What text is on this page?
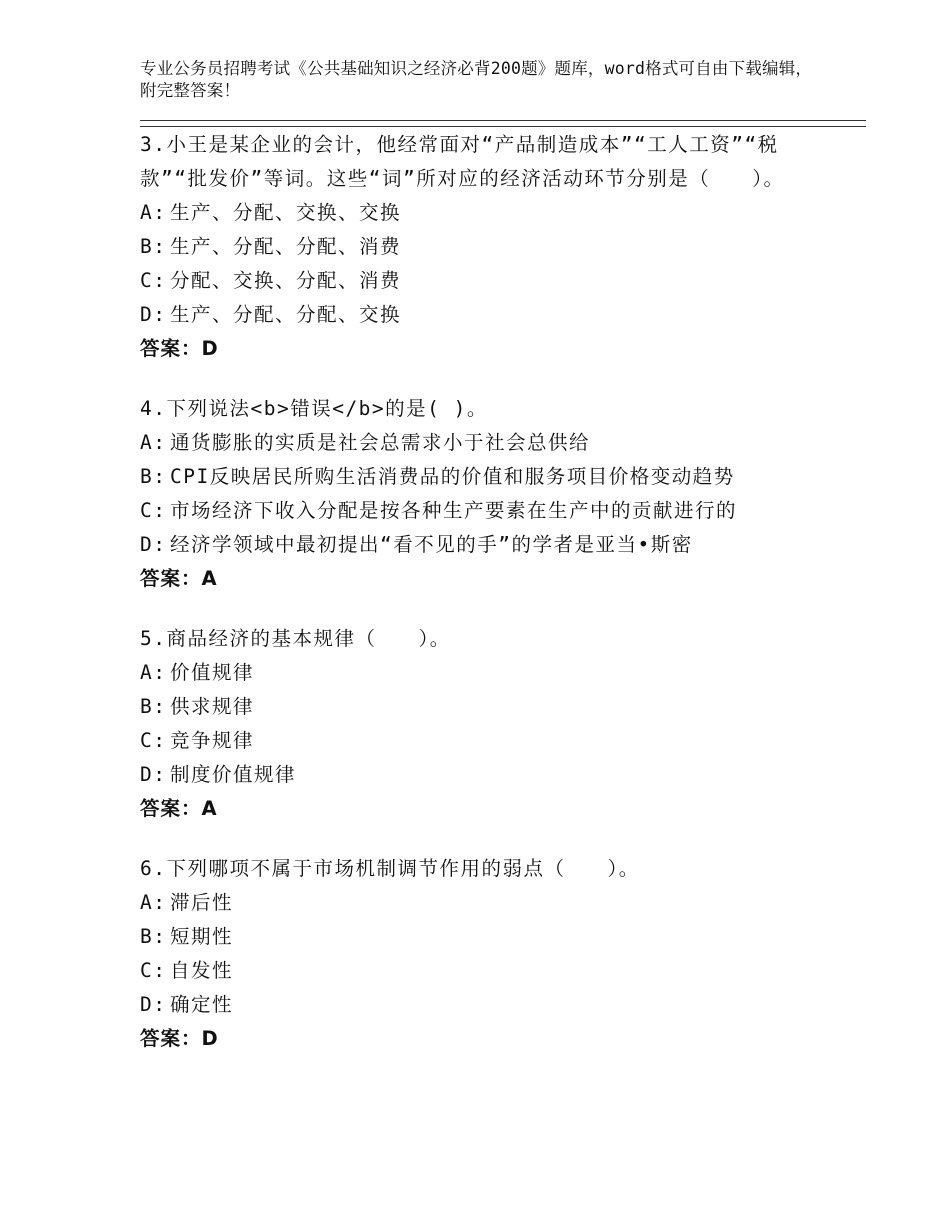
专业公务员招聘考试《公共基础知识之经济必背200题》题库，word格式可自由下载编辑，附完整答案！
3.小王是某企业的会计，他经常面对“产品制造成本”“工人工资”“税款”“批发价”等词。这些“词”所对应的经济活动环节分别是（　　）。
A: 生产、分配、交换、交换
B: 生产、分配、分配、消费
C: 分配、交换、分配、消费
D: 生产、分配、分配、交换
答案：D
4.下列说法<b>错误</b>的是( )。
A: 通货膨胀的实质是社会总需求小于社会总供给
B: CPI反映居民所购生活消费品的价值和服务项目价格变动趋势
C: 市场经济下收入分配是按各种生产要素在生产中的贡献进行的
D: 经济学领域中最初提出“看不见的手”的学者是亚当•斯密
答案：A
5.商品经济的基本规律（　　）。
A: 价值规律
B: 供求规律
C: 竞争规律
D: 制度价值规律
答案：A
6.下列哪项不属于市场机制调节作用的弱点（　　）。
A: 滞后性
B: 短期性
C: 自发性
D: 确定性
答案：D
